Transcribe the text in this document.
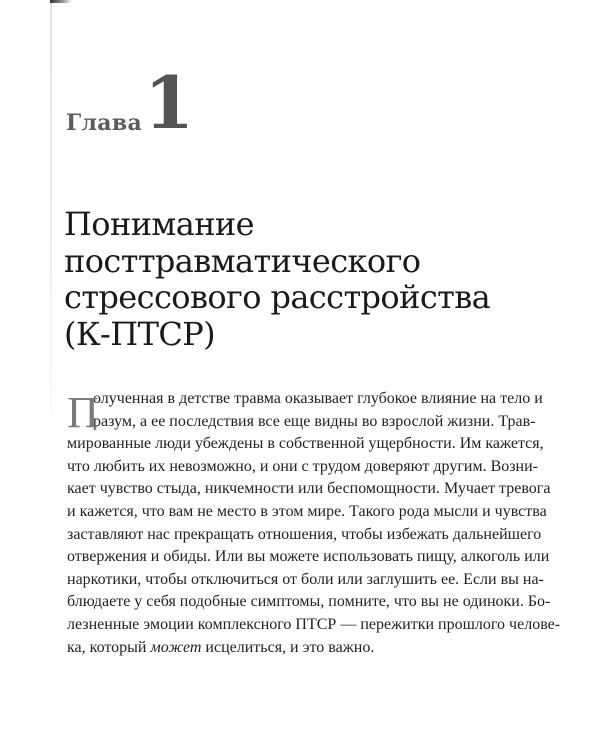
Глава 1
Понимание
посттравматического
стрессового расстройства
(К-ПТСР)
П
олученная в детстве травма оказывает глубокое влияние на тело и
разум, а ее последствия все еще видны во взрослой жизни. Трав-
мированные люди убеждены в собственной ущербности. Им кажется,
что любить их невозможно, и они с трудом доверяют другим. Возни-
кает чувство стыда, никчемности или беспомощности. Мучает тревога
и кажется, что вам не место в этом мире. Такого рода мысли и чувства
заставляют нас прекращать отношения, чтобы избежать дальнейшего
отвержения и обиды. Или вы можете использовать пищу, алкоголь или
наркотики, чтобы отключиться от боли или заглушить ее. Если вы на-
блюдаете у себя подобные симптомы, помните, что вы не одиноки. Бо-
лезненные эмоции комплексного ПТСР — пережитки прошлого челове-
ка, который может исцелиться, и это важно.
